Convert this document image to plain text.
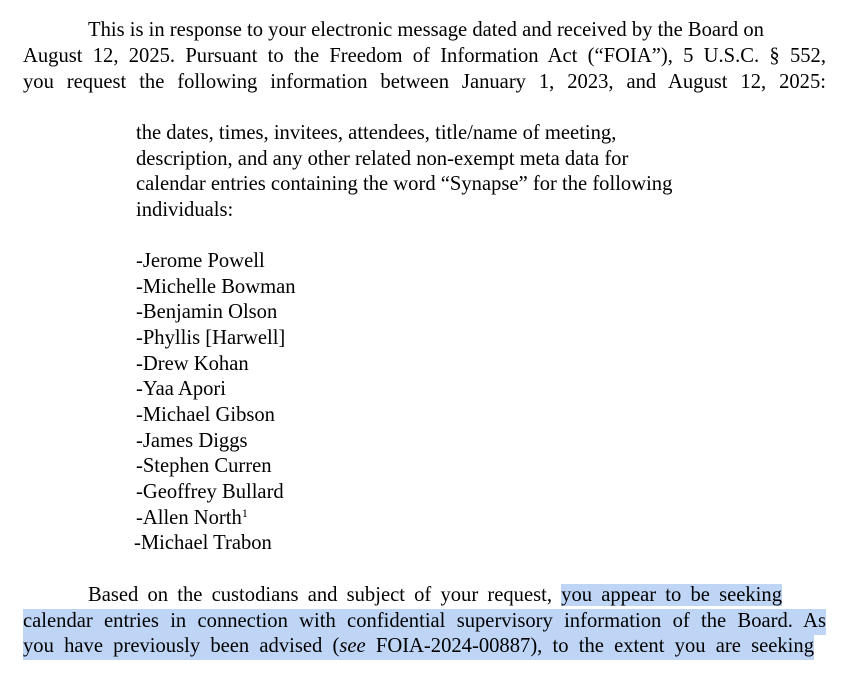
This is in response to your electronic message dated and received by the Board on
August 12, 2025. Pursuant to the Freedom of Information Act (“FOIA”), 5 U.S.C. § 552,
you request the following information between January 1, 2023, and August 12, 2025:
the dates, times, invitees, attendees, title/name of meeting,
description, and any other related non-exempt meta data for
calendar entries containing the word “Synapse” for the following
individuals:
-Jerome Powell
-Michelle Bowman
-Benjamin Olson
-Phyllis [Harwell]
-Drew Kohan
-Yaa Apori
-Michael Gibson
-James Diggs
-Stephen Curren
-Geoffrey Bullard
-Allen North$^1$
-Michael Trabon
Based on the custodians and subject of your request, you appear to be seeking
calendar entries in connection with confidential supervisory information of the Board. As
you have previously been advised (see FOIA-2024-00887), to the extent you are seeking
